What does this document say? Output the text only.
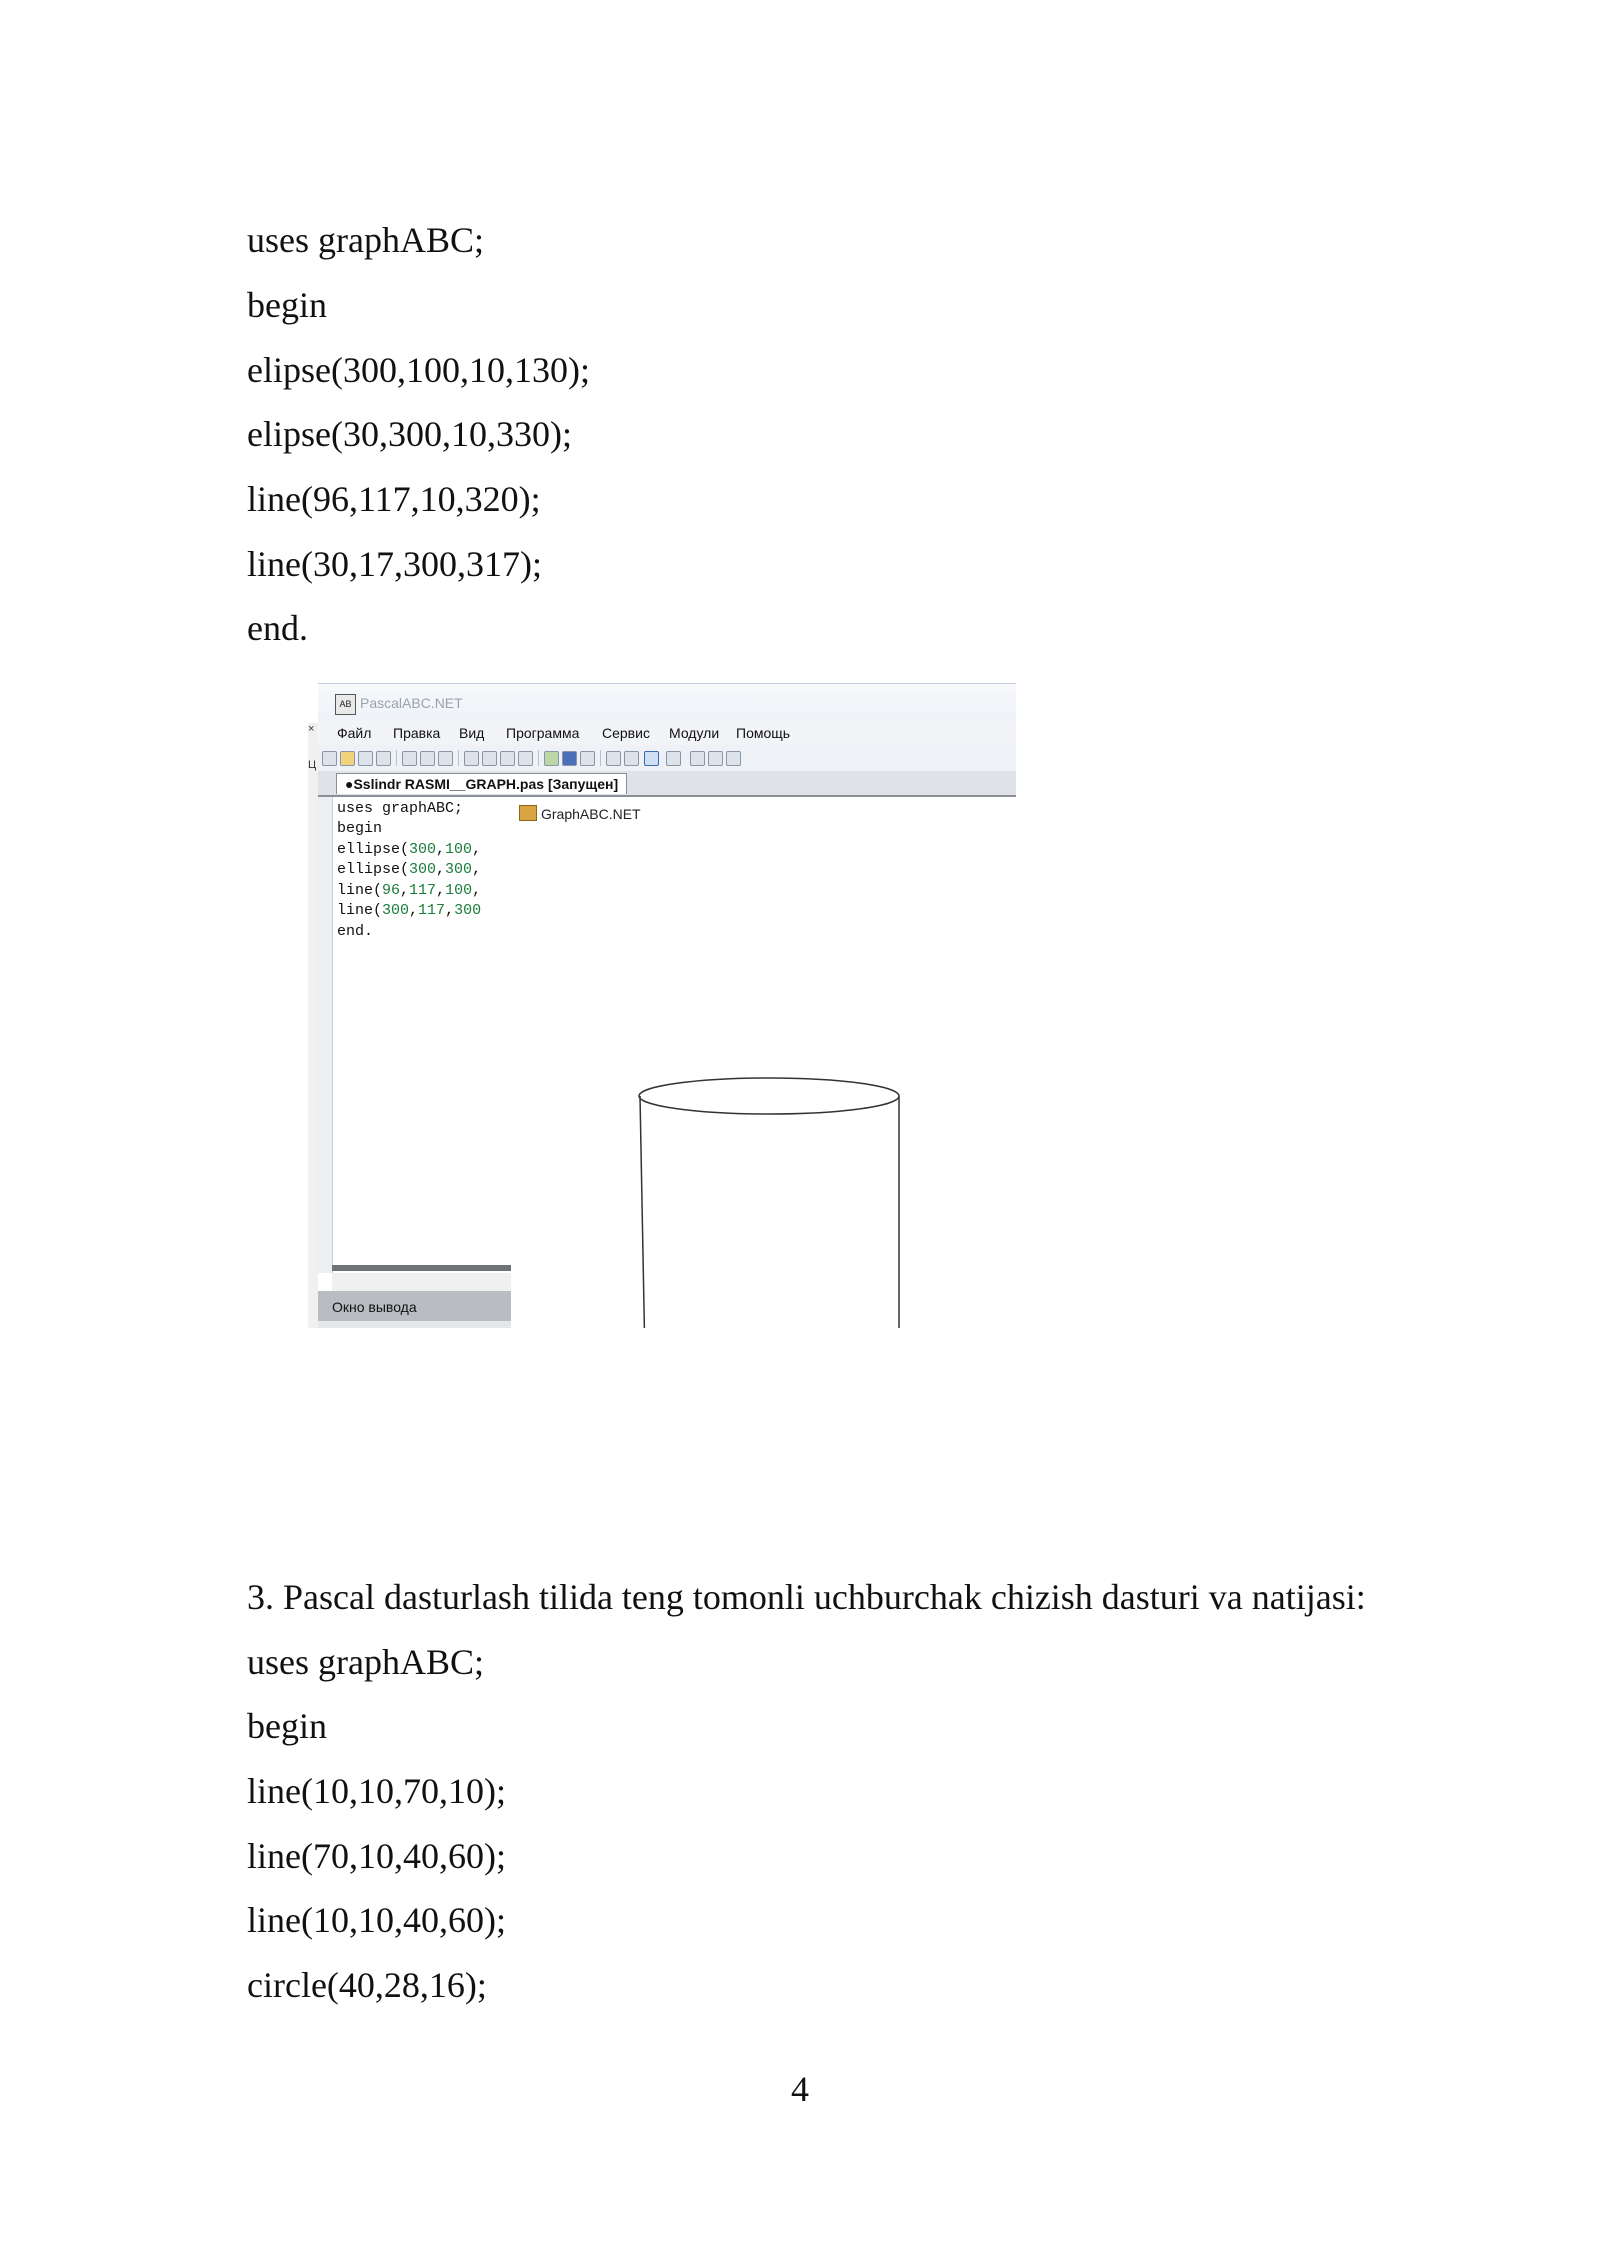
uses graphABC;
begin
elipse(300,100,10,130);
elipse(30,300,10,330);
line(96,117,10,320);
line(30,17,300,317);
end.
×
Ц
AB PascalABC.NET
Файл Правка Вид Программа Сервис Модули Помощь
●Sslindr RASMI__GRAPH.pas [Запущен]
uses graphABC;
begin
ellipse(300,100,
ellipse(300,300,
line(96,117,100,
line(300,117,300
end.
Окно вывода
GraphABC.NET
3. Pascal dasturlash tilida teng tomonli uchburchak chizish dasturi va natijasi:
uses graphABC;
begin
line(10,10,70,10);
line(70,10,40,60);
line(10,10,40,60);
circle(40,28,16);
4
